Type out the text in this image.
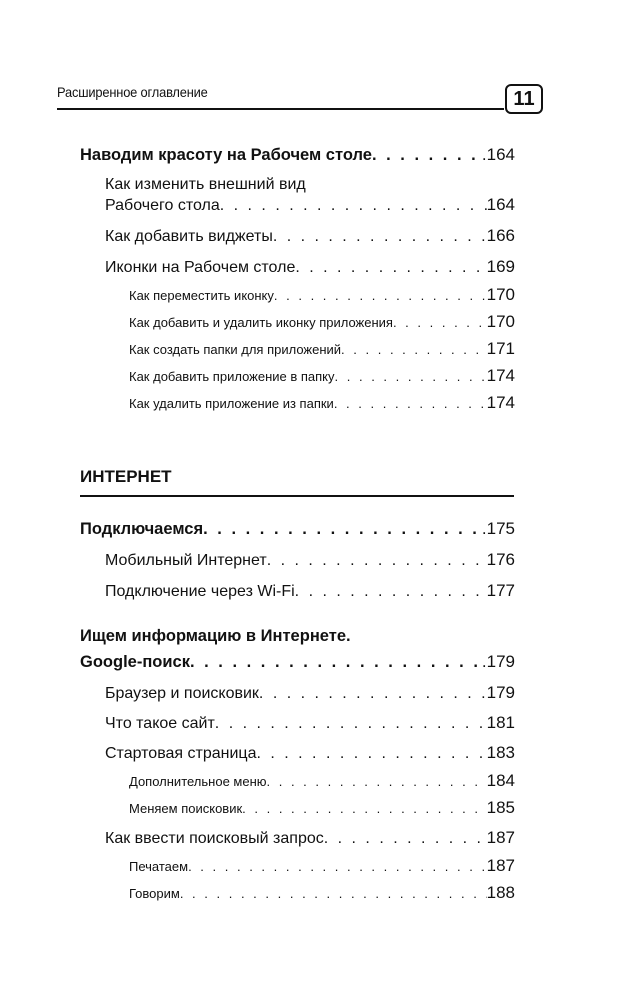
Расширенное оглавление	11
Наводим красоту на Рабочем столе . . .	.164
Как изменить внешний вид
Рабочего стола . . .	164
Как добавить виджеты . . .	166
Иконки на Рабочем столе . . .	169
Как переместить иконку . . .	170
Как добавить и удалить иконку приложения . . .	170
Как создать папки для приложений . . .	171
Как добавить приложение в папку . . .	174
Как удалить приложение из папки . . .	174
ИНТЕРНЕТ
Подключаемся . . .	.175
Мобильный Интернет . . .	176
Подключение через Wi-Fi . . .	177
Ищем информацию в Интернете.
Google-поиск . . .	.179
Браузер и поисковик . . .	179
Что такое сайт . . .	181
Стартовая страница . . .	183
Дополнительное меню . . .	184
Меняем поисковик . . .	185
Как ввести поисковый запрос . . .	187
Печатаем . . .	187
Говорим . . .	188
